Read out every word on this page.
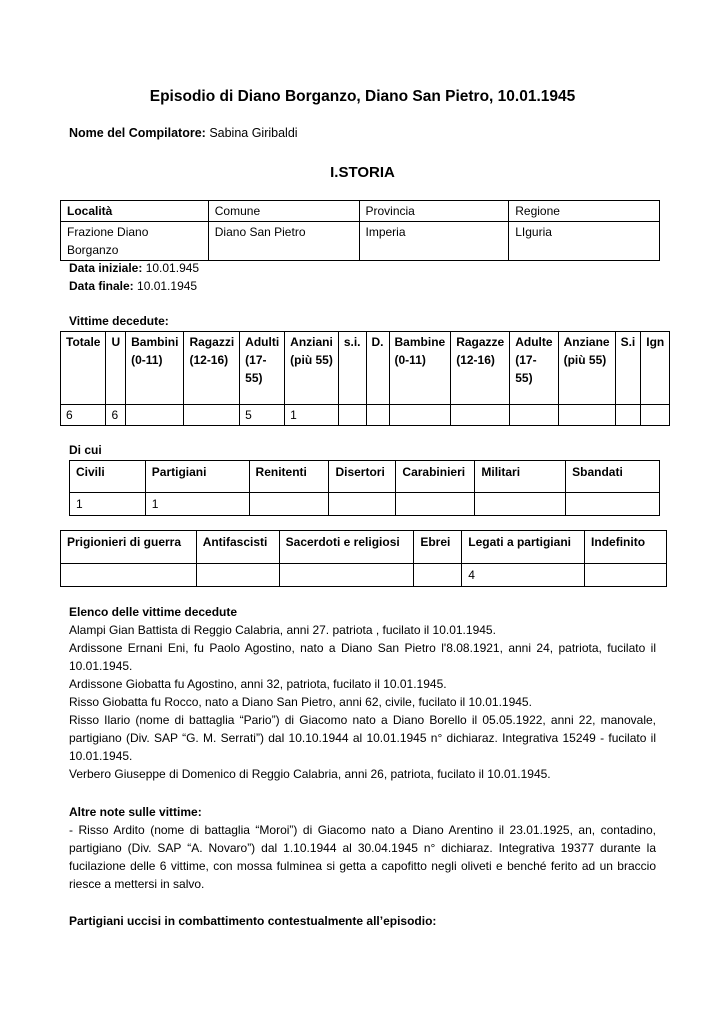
Episodio di Diano Borganzo, Diano San Pietro, 10.01.1945
Nome del Compilatore: Sabina Giribaldi
I.STORIA
Località	Comune	Provincia	Regione
Frazione Diano Borganzo	Diano San Pietro	Imperia	LIguria
Data iniziale: 10.01.945
Data finale: 10.01.1945
Vittime decedute:
Totale	U	Bambini (0-11)	Ragazzi (12-16)	Adulti (17-55)	Anziani (più 55)	s.i.	D.	Bambine (0-11)	Ragazze (12-16)	Adulte (17-55)	Anziane (più 55)	S.i	Ign
6	6			5	1								
Di cui
Civili	Partigiani	Renitenti	Disertori	Carabinieri	Militari	Sbandati
1	1					
Prigionieri di guerra	Antifascisti	Sacerdoti e religiosi	Ebrei	Legati a partigiani	Indefinito
				4	

Elenco delle vittime decedute

Alampi Gian Battista di Reggio Calabria, anni 27. patriota , fucilato il 10.01.1945.

Ardissone Ernani Eni, fu Paolo Agostino, nato a Diano San Pietro l'8.08.1921, anni 24, patriota, fucilato il 10.01.1945.

Ardissone Giobatta fu Agostino, anni 32, patriota, fucilato il 10.01.1945.

Risso Giobatta fu Rocco, nato a Diano San Pietro, anni 62, civile, fucilato il 10.01.1945.

Risso Ilario (nome di battaglia “Pario”) di Giacomo nato a Diano Borello il 05.05.1922, anni 22, manovale, partigiano (Div. SAP “G. M. Serrati”) dal 10.10.1944 al 10.01.1945 n° dichiaraz. Integrativa 15249 - fucilato il 10.01.1945.

Verbero Giuseppe di Domenico di Reggio Calabria, anni 26, patriota, fucilato il 10.01.1945.

Altre note sulle vittime:

- Risso Ardito (nome di battaglia “Moroi”) di Giacomo nato a Diano Arentino il 23.01.1925, an, contadino, partigiano (Div. SAP “A. Novaro”) dal 1.10.1944 al 30.04.1945 n° dichiaraz. Integrativa 19377 durante la fucilazione delle 6 vittime, con mossa fulminea si getta a capofitto negli oliveti e benché ferito ad un braccio riesce a mettersi in salvo.

Partigiani uccisi in combattimento contestualmente all’episodio:
